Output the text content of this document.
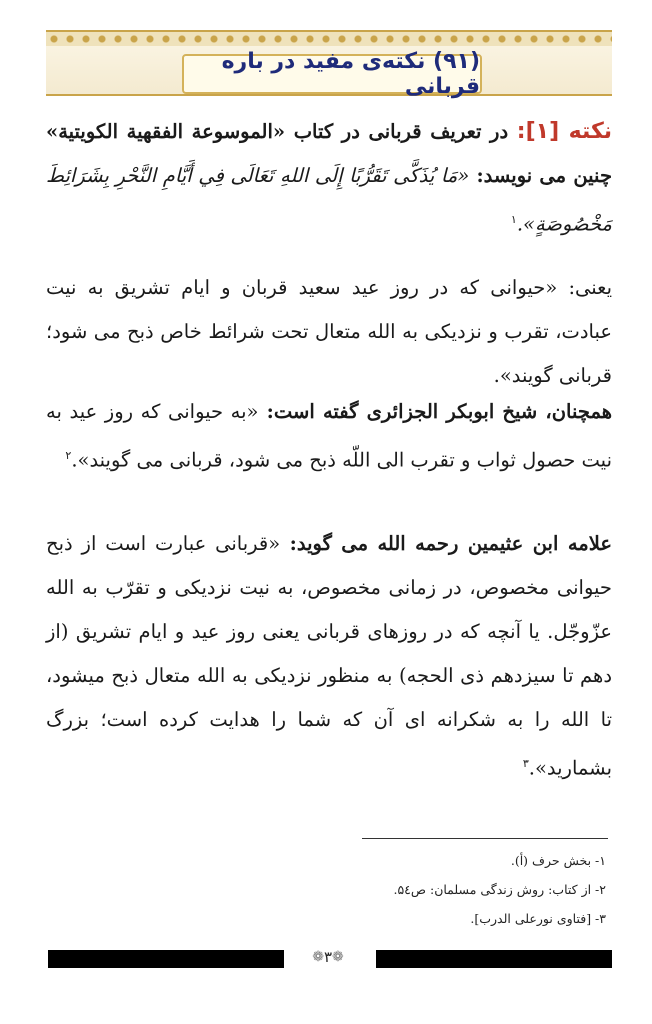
(۹۱) نکته‌ی مفید در باره قربانی
نکته [۱]: در تعریف قربانی در کتاب «الموسوعة الفقهیة الکویتیة» چنین می نویسد: «مَا يُذَكَّى تَقَرُّبًا إِلَى اللهِ تَعَالَى فِي أَيَّامِ النَّحْرِ بِشَرَائِطَ مَخْصُوصَةٍ».$^۱$
یعنی: «حیوانی که در روز عید سعید قربان و ایام تشریق به نیت عبادت، تقرب و نزدیکی به الله متعال تحت شرائط خاص ذبح می شود؛ قربانی گویند».
همچنان، شیخ ابوبکر الجزائری گفته است: «به حیوانی که روز عید به نیت حصول ثواب و تقرب الی اللّه ذبح می شود، قربانی می گویند».$^۲$
علامه ابن عثیمین رحمه الله می گوید: «قربانی عبارت است از ذبح حیوانی مخصوص، در زمانی مخصوص، به نیت نزدیکی و تقرّب به الله عزّوجّل. یا آنچه که در روزهای قربانی یعنی روز عید و ایام تشریق (از دهم تا سیزدهم ذی الحجه) به منظور نزدیکی به الله متعال ذبح میشود، تا الله را به شکرانه ای آن که شما را هدایت کرده است؛ بزرگ بشمارید».$^۳$
۱- بخش حرف (أ).
۲- از کتاب: روش زندگی مسلمان: ص۵٤.
۳- [فتاوی نورعلی الدرب].
❁ ۳ ❁
